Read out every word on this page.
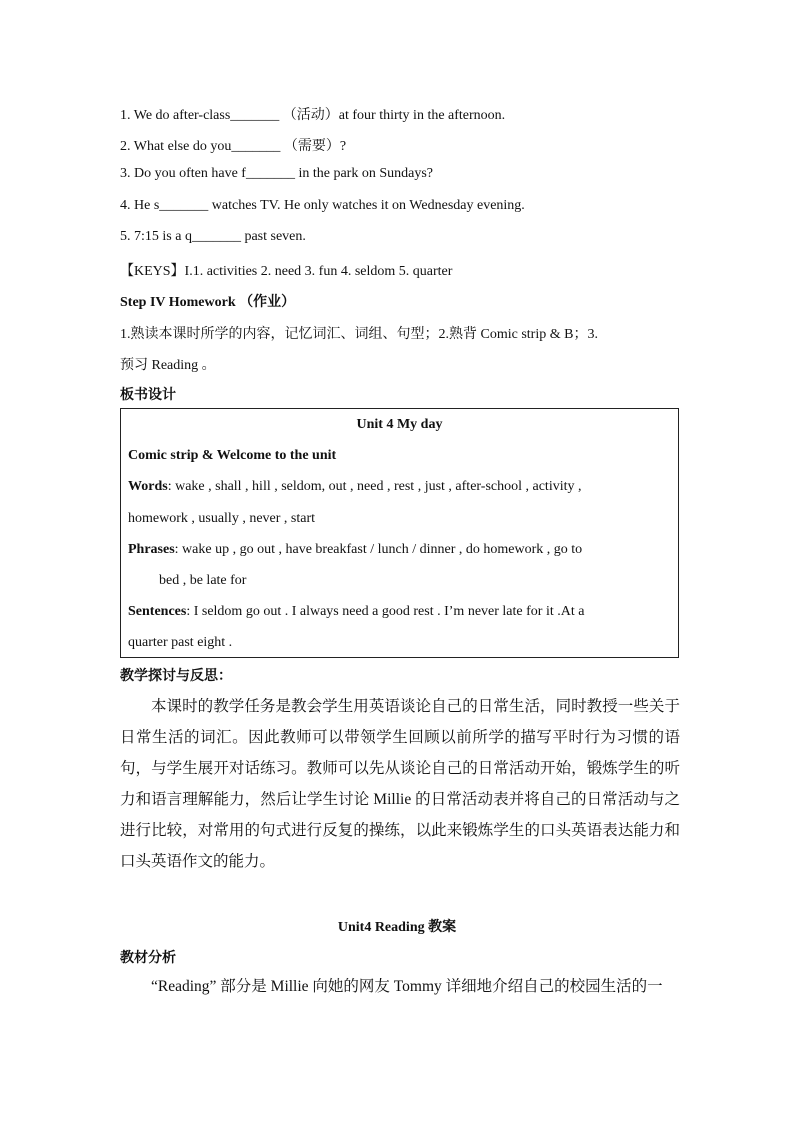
1. We do after-class_______ （活动）at four thirty in the afternoon.
2. What else do you_______ （需要）?
3. Do you often have f_______ in the park on Sundays?
4. He s_______ watches TV. He only watches it on Wednesday evening.
5. 7:15 is a q_______ past seven.
【KEYS】I.1. activities 2. need 3. fun 4. seldom 5. quarter
Step IV Homework （作业）
1.熟读本课时所学的内容，记忆词汇、词组、句型；2.熟背 Comic strip & B；3.
预习 Reading 。
板书设计
Unit 4 My day
Comic strip & Welcome to the unit
Words: wake , shall , hill , seldom, out , need , rest , just , after-school , activity ,
homework , usually , never , start
Phrases: wake up , go out , have breakfast / lunch / dinner , do homework , go to
bed , be late for
Sentences: I seldom go out . I always need a good rest . I’m never late for it .At a
quarter past eight .
教学探讨与反思：

本课时的教学任务是教会学生用英语谈论自己的日常生活，同时教授一些关于日常生活的词汇。因此教师可以带领学生回顾以前所学的描写平时行为习惯的语句，与学生展开对话练习。教师可以先从谈论自己的日常活动开始，锻炼学生的听力和语言理解能力，然后让学生讨论 Millie 的日常活动表并将自己的日常活动与之进行比较，对常用的句式进行反复的操练，以此来锻炼学生的口头英语表达能力和口头英语作文的能力。

Unit4 Reading 教案
教材分析

“Reading” 部分是 Millie 向她的网友 Tommy 详细地介绍自己的校园生活的一
